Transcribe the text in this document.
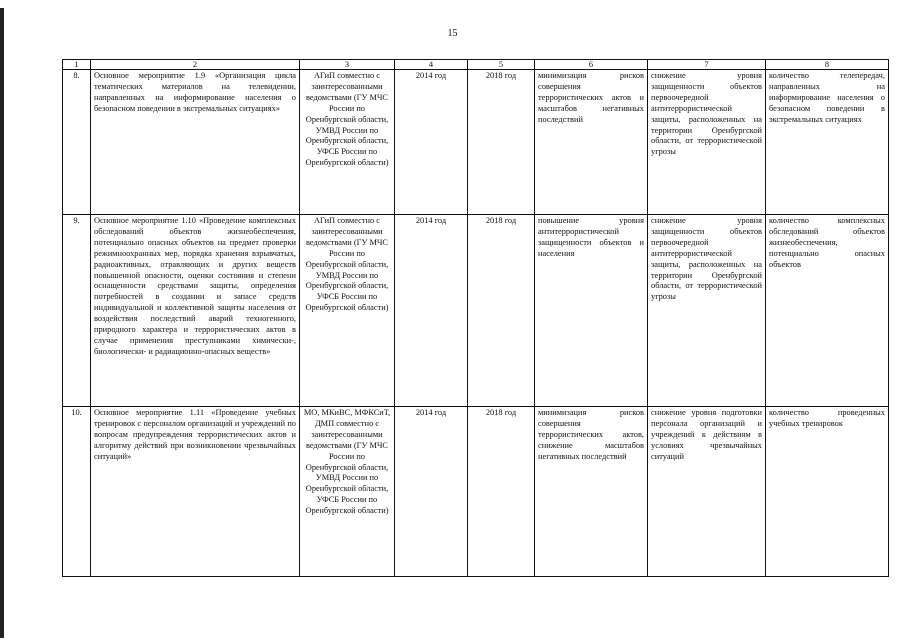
15
1	2	3	4	5	6	7	8
8.	Основное мероприятие 1.9 «Организация цикла тематических материалов на телевидении, направленных на информирование населения о безопасном поведении в экстремальных ситуациях»	АГиП совместно с заинтересованными ведомствами (ГУ МЧС России по Оренбургской области, УМВД России по Оренбургской области, УФСБ России по Оренбургской области)	2014 год	2018 год	минимизация рисков совершения террористических актов и масштабов негативных последствий	снижение уровня защищенности объектов первоочередной антитеррористической защиты, расположенных на территории Оренбургской области, от террористической угрозы	количество телепередач, направленных на информирование населения о безопасном поведении в экстремальных ситуациях
9.	Основное мероприятие 1.10 «Проведение комплексных обследований объектов жизнеобеспечения, потенциально опасных объектов на предмет проверки режимноохранных мер, порядка хранения взрывчатых, радиоактивных, отравляющих и других веществ повышенной опасности, оценки состояния и степени оснащенности средствами защиты, определения потребностей в создании и запасе средств индивидуальной и коллективной защиты населения от воздействия последствий аварий техногенного, природного характера и террористических актов в случае применения преступниками химически-, биологически- и радиационно-опасных веществ»	АГиП совместно с заинтересованными ведомствами (ГУ МЧС России по Оренбургской области, УМВД России по Оренбургской области, УФСБ России по Оренбургской области)	2014 год	2018 год	повышение уровня антитеррористической защищенности объектов и населения	снижение уровня защищенности объектов первоочередной антитеррористической защиты, расположенных на территории Оренбургской области, от террористической угрозы	количество комплексных обследований объектов жизнеобеспечения, потенциально опасных объектов
10.	Основное мероприятие 1.11 «Проведение учебных тренировок с персоналом организаций и учреждений по вопросам предупреждения террористических актов и алгоритму действий при возникновении чрезвычайных ситуаций»	МО, МКиВС, МФКСиТ, ДМП совместно с заинтересованными ведомствами (ГУ МЧС России по Оренбургской области, УМВД России по Оренбургской области, УФСБ России по Оренбургской области)	2014 год	2018 год	минимизация рисков совершения террористических актов, снижение масштабов негативных последствий	снижение уровня подготовки персонала организаций и учреждений к действиям в условиях чрезвычайных ситуаций	количество проведенных учебных тренировок
